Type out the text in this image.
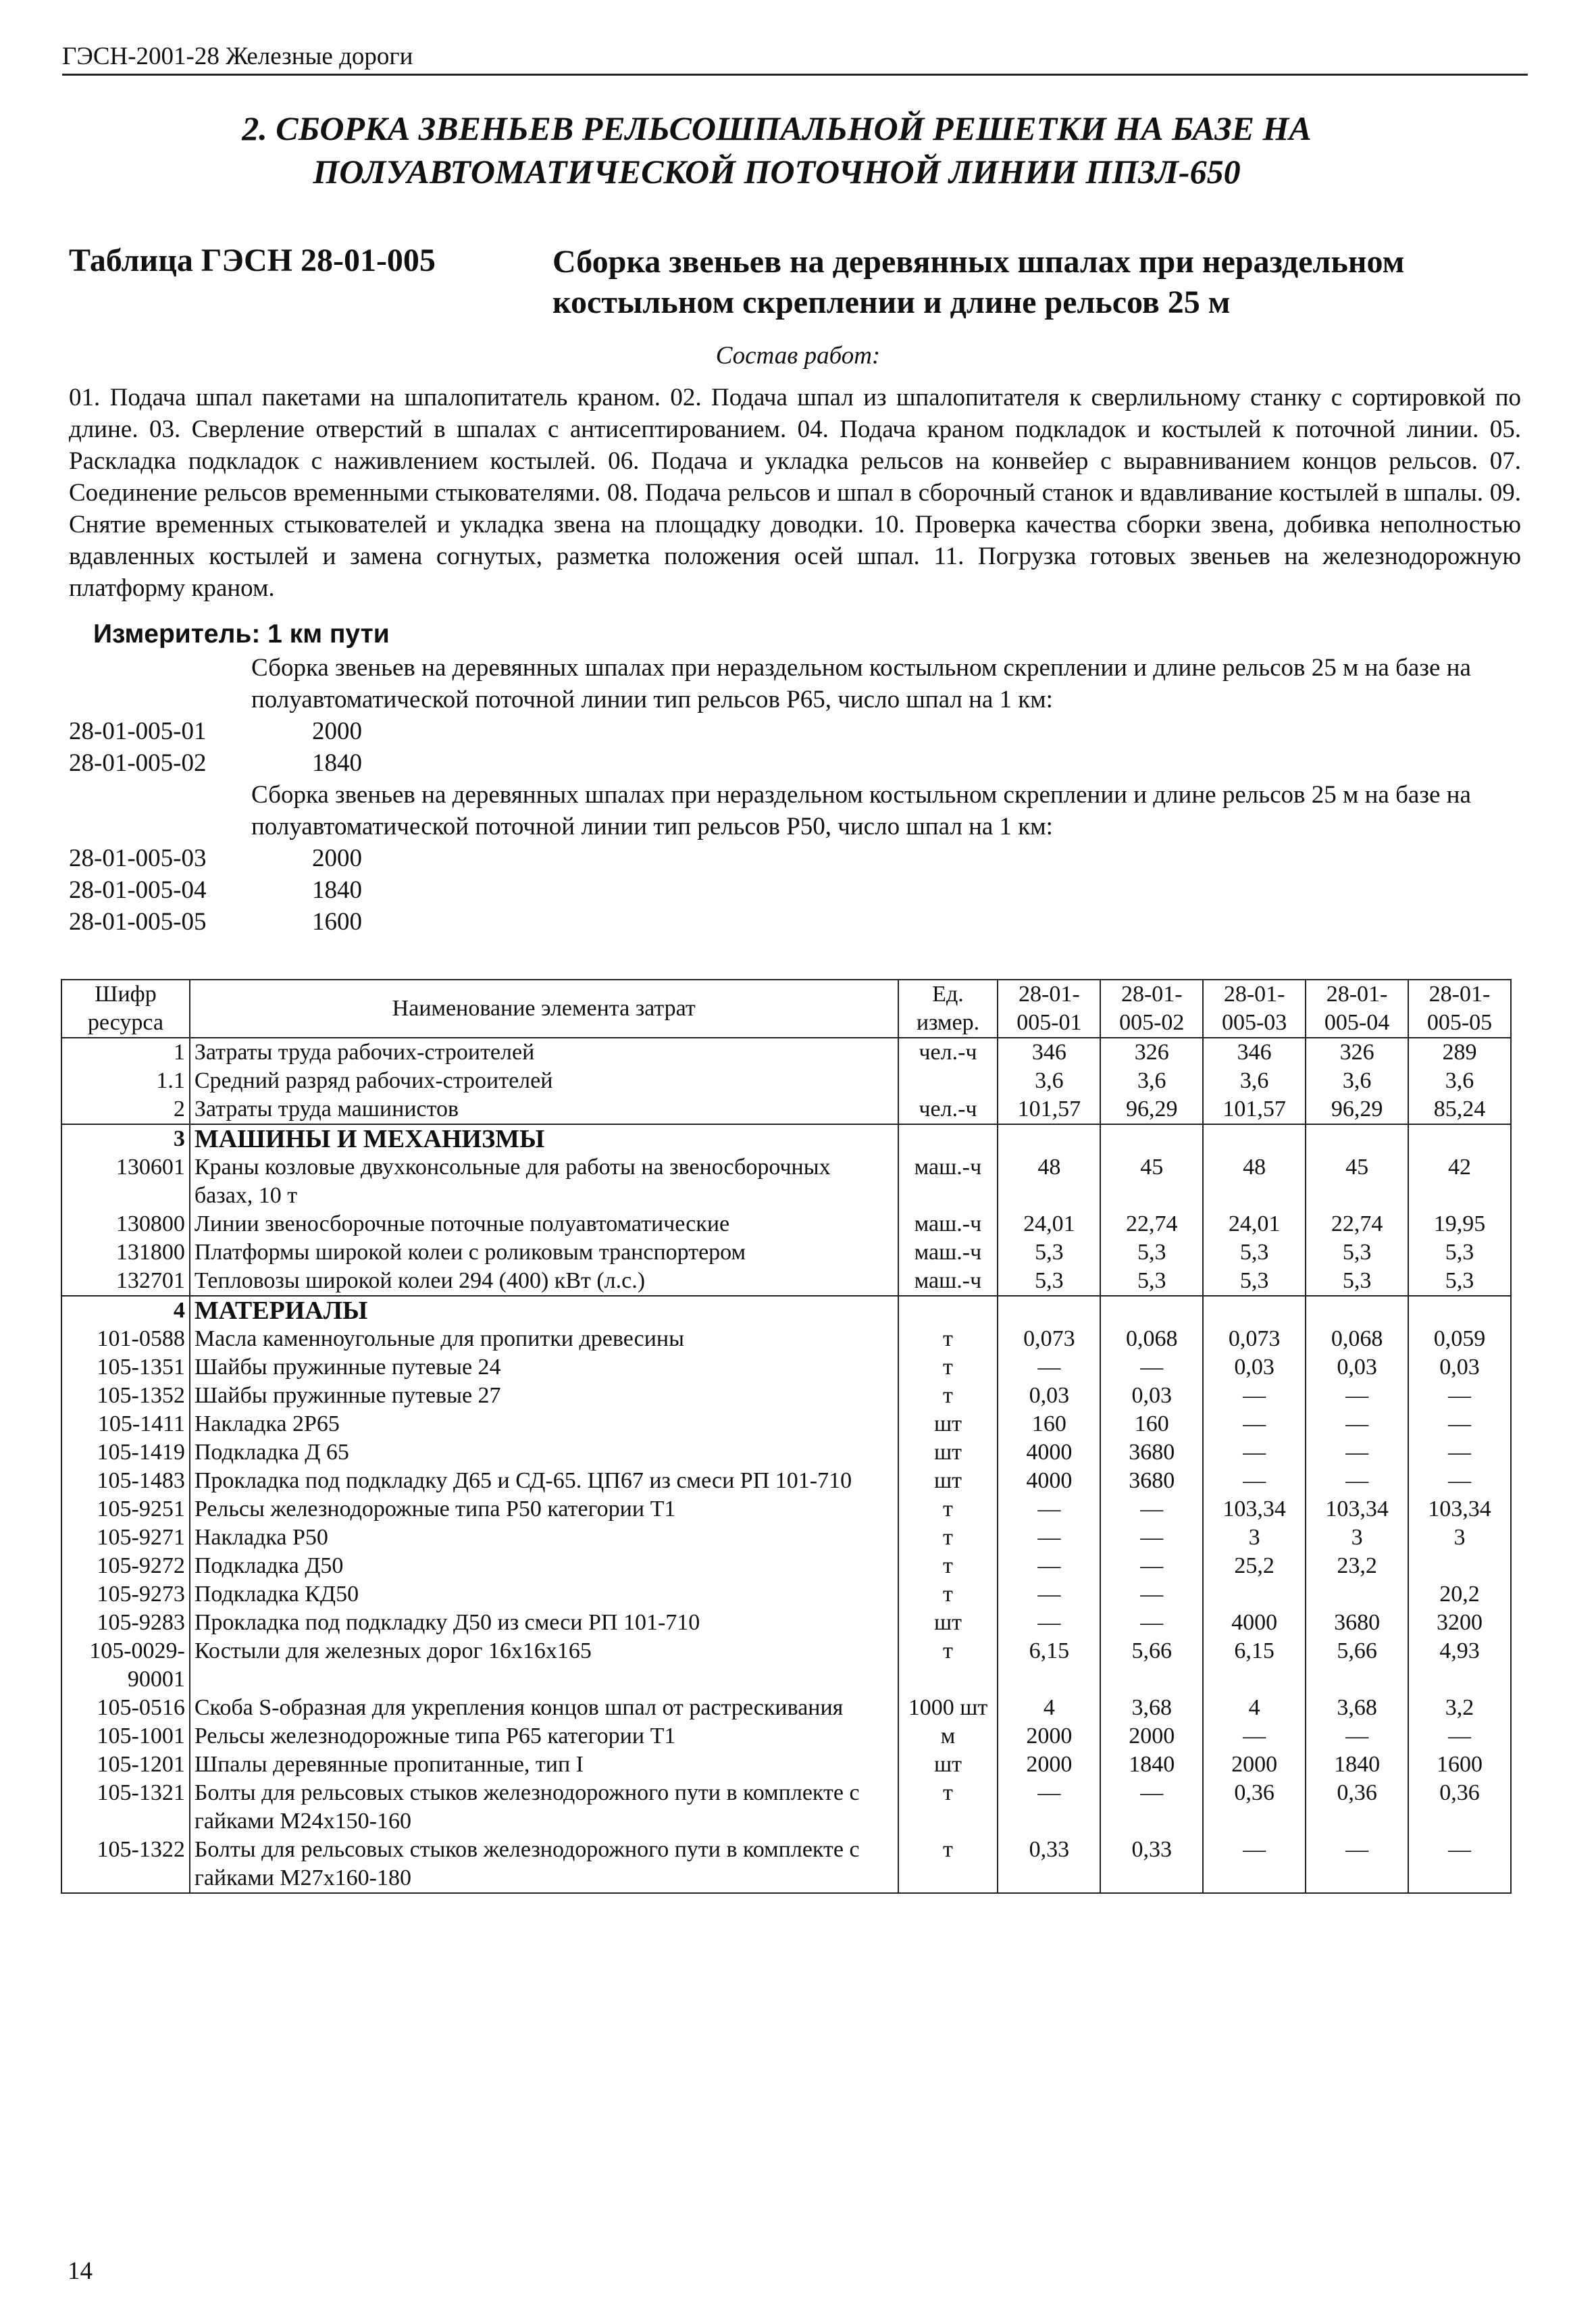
ГЭСН-2001-28 Железные дороги
2. СБОРКА ЗВЕНЬЕВ РЕЛЬСОШПАЛЬНОЙ РЕШЕТКИ НА БАЗЕ НА
ПОЛУАВТОМАТИЧЕСКОЙ ПОТОЧНОЙ ЛИНИИ ППЗЛ-650
Таблица ГЭСН 28-01-005	Сборка звеньев на деревянных шпалах при нераздельном костыльном скреплении и длине рельсов 25 м
Состав работ:
01. Подача шпал пакетами на шпалопитатель краном. 02. Подача шпал из шпалопитателя к сверлильному станку с сортировкой по длине. 03. Сверление отверстий в шпалах с антисептированием. 04. Подача краном подкладок и костылей к поточной линии. 05. Раскладка подкладок с наживлением костылей. 06. Подача и укладка рельсов на конвейер с выравниванием концов рельсов. 07. Соединение рельсов временными стыкователями. 08. Подача рельсов и шпал в сборочный станок и вдавливание костылей в шпалы. 09. Снятие временных стыкователей и укладка звена на площадку доводки. 10. Проверка качества сборки звена, добивка неполностью вдавленных костылей и замена согнутых, разметка положения осей шпал. 11. Погрузка готовых звеньев на железнодорожную платформу краном.
Измеритель: 1 км пути
Сборка звеньев на деревянных шпалах при нераздельном костыльном скреплении и длине рельсов 25 м на базе на полуавтоматической поточной линии тип рельсов Р65, число шпал на 1 км:
28-01-005-01	2000
28-01-005-02	1840
Сборка звеньев на деревянных шпалах при нераздельном костыльном скреплении и длине рельсов 25 м на базе на полуавтоматической поточной линии тип рельсов Р50, число шпал на 1 км:
28-01-005-03	2000
28-01-005-04	1840
28-01-005-05	1600
Шифр ресурса	Наименование элемента затрат	Ед. измер.	28-01-005-01	28-01-005-02	28-01-005-03	28-01-005-04	28-01-005-05
1	Затраты труда рабочих-строителей	чел.-ч	346	326	346	326	289
1.1	Средний разряд рабочих-строителей		3,6	3,6	3,6	3,6	3,6
2	Затраты труда машинистов	чел.-ч	101,57	96,29	101,57	96,29	85,24
3	МАШИНЫ И МЕХАНИЗМЫ						
130601	Краны козловые двухконсольные для работы на звеносборочных базах, 10 т	маш.-ч	48	45	48	45	42
130800	Линии звеносборочные поточные полуавтоматические	маш.-ч	24,01	22,74	24,01	22,74	19,95
131800	Платформы широкой колеи с роликовым транспортером	маш.-ч	5,3	5,3	5,3	5,3	5,3
132701	Тепловозы широкой колеи 294 (400) кВт (л.с.)	маш.-ч	5,3	5,3	5,3	5,3	5,3
4	МАТЕРИАЛЫ						
101-0588	Масла каменноугольные для пропитки древесины	т	0,073	0,068	0,073	0,068	0,059
105-1351	Шайбы пружинные путевые 24	т	—	—	0,03	0,03	0,03
105-1352	Шайбы пружинные путевые 27	т	0,03	0,03	—	—	—
105-1411	Накладка 2Р65	шт	160	160	—	—	—
105-1419	Подкладка Д 65	шт	4000	3680	—	—	—
105-1483	Прокладка под подкладку Д65 и СД-65. ЦП67 из смеси РП 101-710	шт	4000	3680	—	—	—
105-9251	Рельсы железнодорожные типа Р50 категории Т1	т	—	—	103,34	103,34	103,34
105-9271	Накладка Р50	т	—	—	3	3	3
105-9272	Подкладка Д50	т	—	—	25,2	23,2	
105-9273	Подкладка КД50	т	—	—			20,2
105-9283	Прокладка под подкладку Д50 из смеси РП 101-710	шт	—	—	4000	3680	3200
105-0029-90001	Костыли для железных дорог 16х16х165	т	6,15	5,66	6,15	5,66	4,93
105-0516	Скоба S-образная для укрепления концов шпал от растрескивания	1000 шт	4	3,68	4	3,68	3,2
105-1001	Рельсы железнодорожные типа Р65 категории Т1	м	2000	2000	—	—	—
105-1201	Шпалы деревянные пропитанные, тип I	шт	2000	1840	2000	1840	1600
105-1321	Болты для рельсовых стыков железнодорожного пути в комплекте с гайками М24х150-160	т	—	—	0,36	0,36	0,36
105-1322	Болты для рельсовых стыков железнодорожного пути в комплекте с гайками М27х160-180	т	0,33	0,33	—	—	—
14
